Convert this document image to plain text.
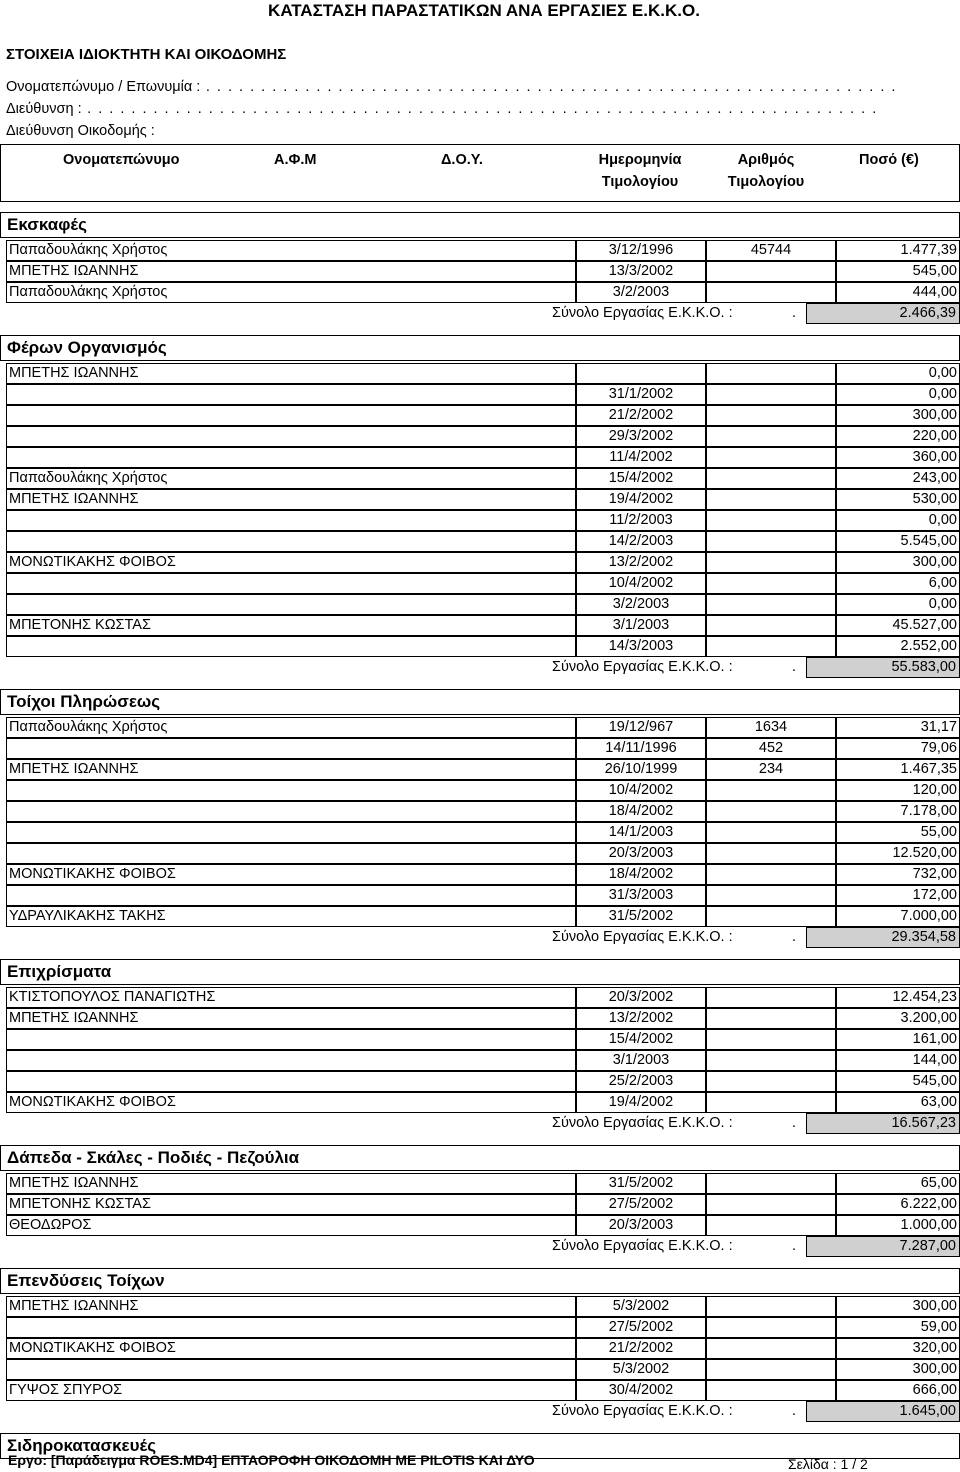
ΚΑΤΑΣΤΑΣΗ ΠΑΡΑΣΤΑΤΙΚΩΝ ΑΝΑ ΕΡΓΑΣΙΕΣ Ε.Κ.Κ.Ο.
ΣΤΟΙΧΕΙΑ ΙΔΙΟΚΤΗΤΗ ΚΑΙ ΟΙΚΟΔΟΜΗΣ
Ονοματεπώνυμο / Επωνυμία : . . . . . . . . . . . . . . . . . . . . . . . . . . . . . . . . . . . . . . . . . . . . . . . . . . . . . . . . . . . . . . .
Διεύθυνση : . . . . . . . . . . . . . . . . . . . . . . . . . . . . . . . . . . . . . . . . . . . . . . . . . . . . . . . . . . . . . . . . . . . . . . . .
Διεύθυνση Οικοδομής :
Ονοματεπώνυμο	Α.Φ.Μ	Δ.Ο.Υ.	Ημερομηνία
Τιμολογίου
Αριθμός
Τιμολογίου
Ποσό (€)
Εκσκαφές
Παπαδουλάκης Χρήστος	3/12/1996	45744	1.477,39
ΜΠΕΤΗΣ ΙΩΑΝΝΗΣ	13/3/2002	545,00
Παπαδουλάκης Χρήστος	3/2/2003	444,00
Σύνολο Εργασίας Ε.Κ.Κ.Ο. :	.	2.466,39
Φέρων Οργανισμός
ΜΠΕΤΗΣ ΙΩΑΝΝΗΣ	0,00
31/1/2002	0,00
21/2/2002	300,00
29/3/2002	220,00
11/4/2002	360,00
Παπαδουλάκης Χρήστος	15/4/2002	243,00
ΜΠΕΤΗΣ ΙΩΑΝΝΗΣ	19/4/2002	530,00
11/2/2003	0,00
14/2/2003	5.545,00
ΜΟΝΩΤΙΚΑΚΗΣ ΦΟΙΒΟΣ	13/2/2002	300,00
10/4/2002	6,00
3/2/2003	0,00
ΜΠΕΤΟΝΗΣ ΚΩΣΤΑΣ	3/1/2003	45.527,00
14/3/2003	2.552,00
Σύνολο Εργασίας Ε.Κ.Κ.Ο. :	.	55.583,00
Τοίχοι Πληρώσεως
Παπαδουλάκης Χρήστος	19/12/967	1634	31,17
14/11/1996	452	79,06
ΜΠΕΤΗΣ ΙΩΑΝΝΗΣ	26/10/1999	234	1.467,35
10/4/2002	120,00
18/4/2002	7.178,00
14/1/2003	55,00
20/3/2003	12.520,00
ΜΟΝΩΤΙΚΑΚΗΣ ΦΟΙΒΟΣ	18/4/2002	732,00
31/3/2003	172,00
ΥΔΡΑΥΛΙΚΑΚΗΣ ΤΑΚΗΣ	31/5/2002	7.000,00
Σύνολο Εργασίας Ε.Κ.Κ.Ο. :	.	29.354,58
Επιχρίσματα
ΚΤΙΣΤΟΠΟΥΛΟΣ ΠΑΝΑΓΙΩΤΗΣ	20/3/2002	12.454,23
ΜΠΕΤΗΣ ΙΩΑΝΝΗΣ	13/2/2002	3.200,00
15/4/2002	161,00
3/1/2003	144,00
25/2/2003	545,00
ΜΟΝΩΤΙΚΑΚΗΣ ΦΟΙΒΟΣ	19/4/2002	63,00
Σύνολο Εργασίας Ε.Κ.Κ.Ο. :	.	16.567,23
Δάπεδα - Σκάλες - Ποδιές - Πεζούλια
ΜΠΕΤΗΣ ΙΩΑΝΝΗΣ	31/5/2002	65,00
ΜΠΕΤΟΝΗΣ ΚΩΣΤΑΣ	27/5/2002	6.222,00
ΘΕΟΔΩΡΟΣ	20/3/2003	1.000,00
Σύνολο Εργασίας Ε.Κ.Κ.Ο. :	.	7.287,00
Επενδύσεις Τοίχων
ΜΠΕΤΗΣ ΙΩΑΝΝΗΣ	5/3/2002	300,00
27/5/2002	59,00
ΜΟΝΩΤΙΚΑΚΗΣ ΦΟΙΒΟΣ	21/2/2002	320,00
5/3/2002	300,00
ΓΥΨΟΣ ΣΠΥΡΟΣ	30/4/2002	666,00
Σύνολο Εργασίας Ε.Κ.Κ.Ο. :	.	1.645,00
Σιδηροκατασκευές
Εργο: [Παράδειγμα ROES.MD4] ΕΠΤΑΟΡΟΦΗ ΟΙΚΟΔΟΜΗ ΜΕ PILOTIS ΚΑΙ ΔΥΟ	Σελίδα : 1 / 2
